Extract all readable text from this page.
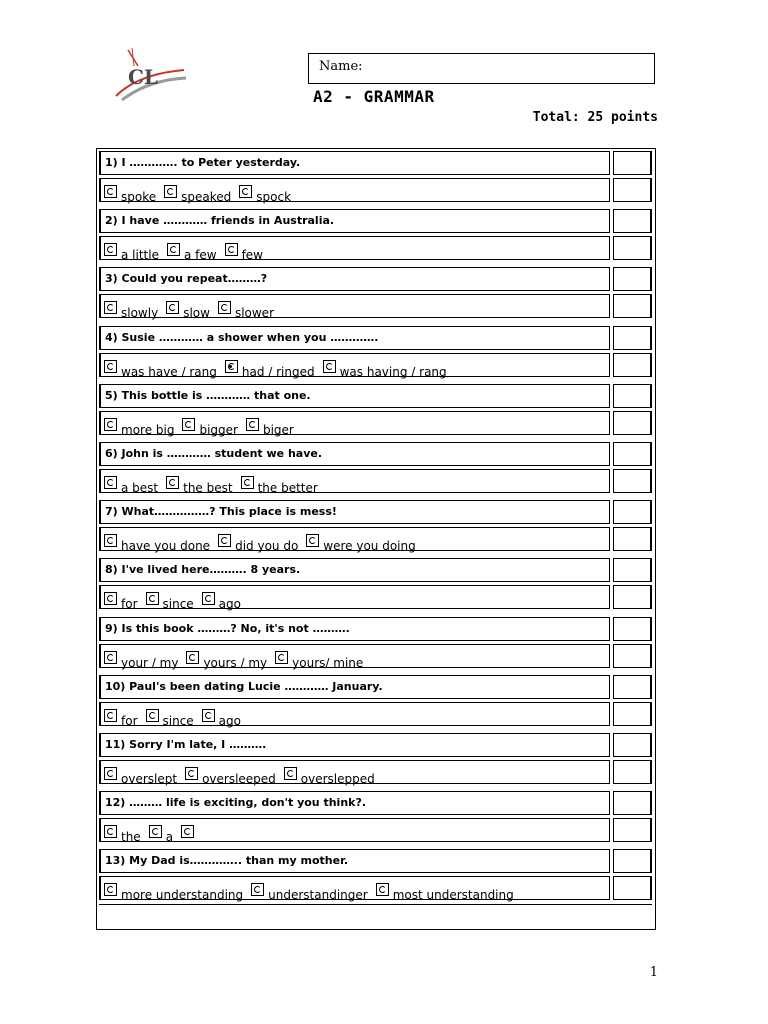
CL	Name:
A2 - GRAMMAR
Total: 25 points
1) I …………. to Peter yesterday.
spoke speaked spock
2) I have ………… friends in Australia.
a little a few few
3) Could you repeat………?
slowly slow slower
4) Susie ………… a shower when you ………….
was have / rang had / ringed was having / rang
5) This bottle is ………… that one.
more big bigger biger
6) John is ………… student we have.
a best the best the better
7) What……………? This place is mess!
have you done did you do were you doing
8) I've lived here………. 8 years.
for since ago
9) Is this book ………? No, it's not ……….
your / my yours / my yours/ mine
10) Paul's been dating Lucie ………… January.
for since ago
11) Sorry I'm late, I ……….
overslept oversleeped overslepped
12) ……… life is exciting, don't you think?.
the a
13) My Dad is………….. than my mother.
more understanding understandinger most understanding
1
